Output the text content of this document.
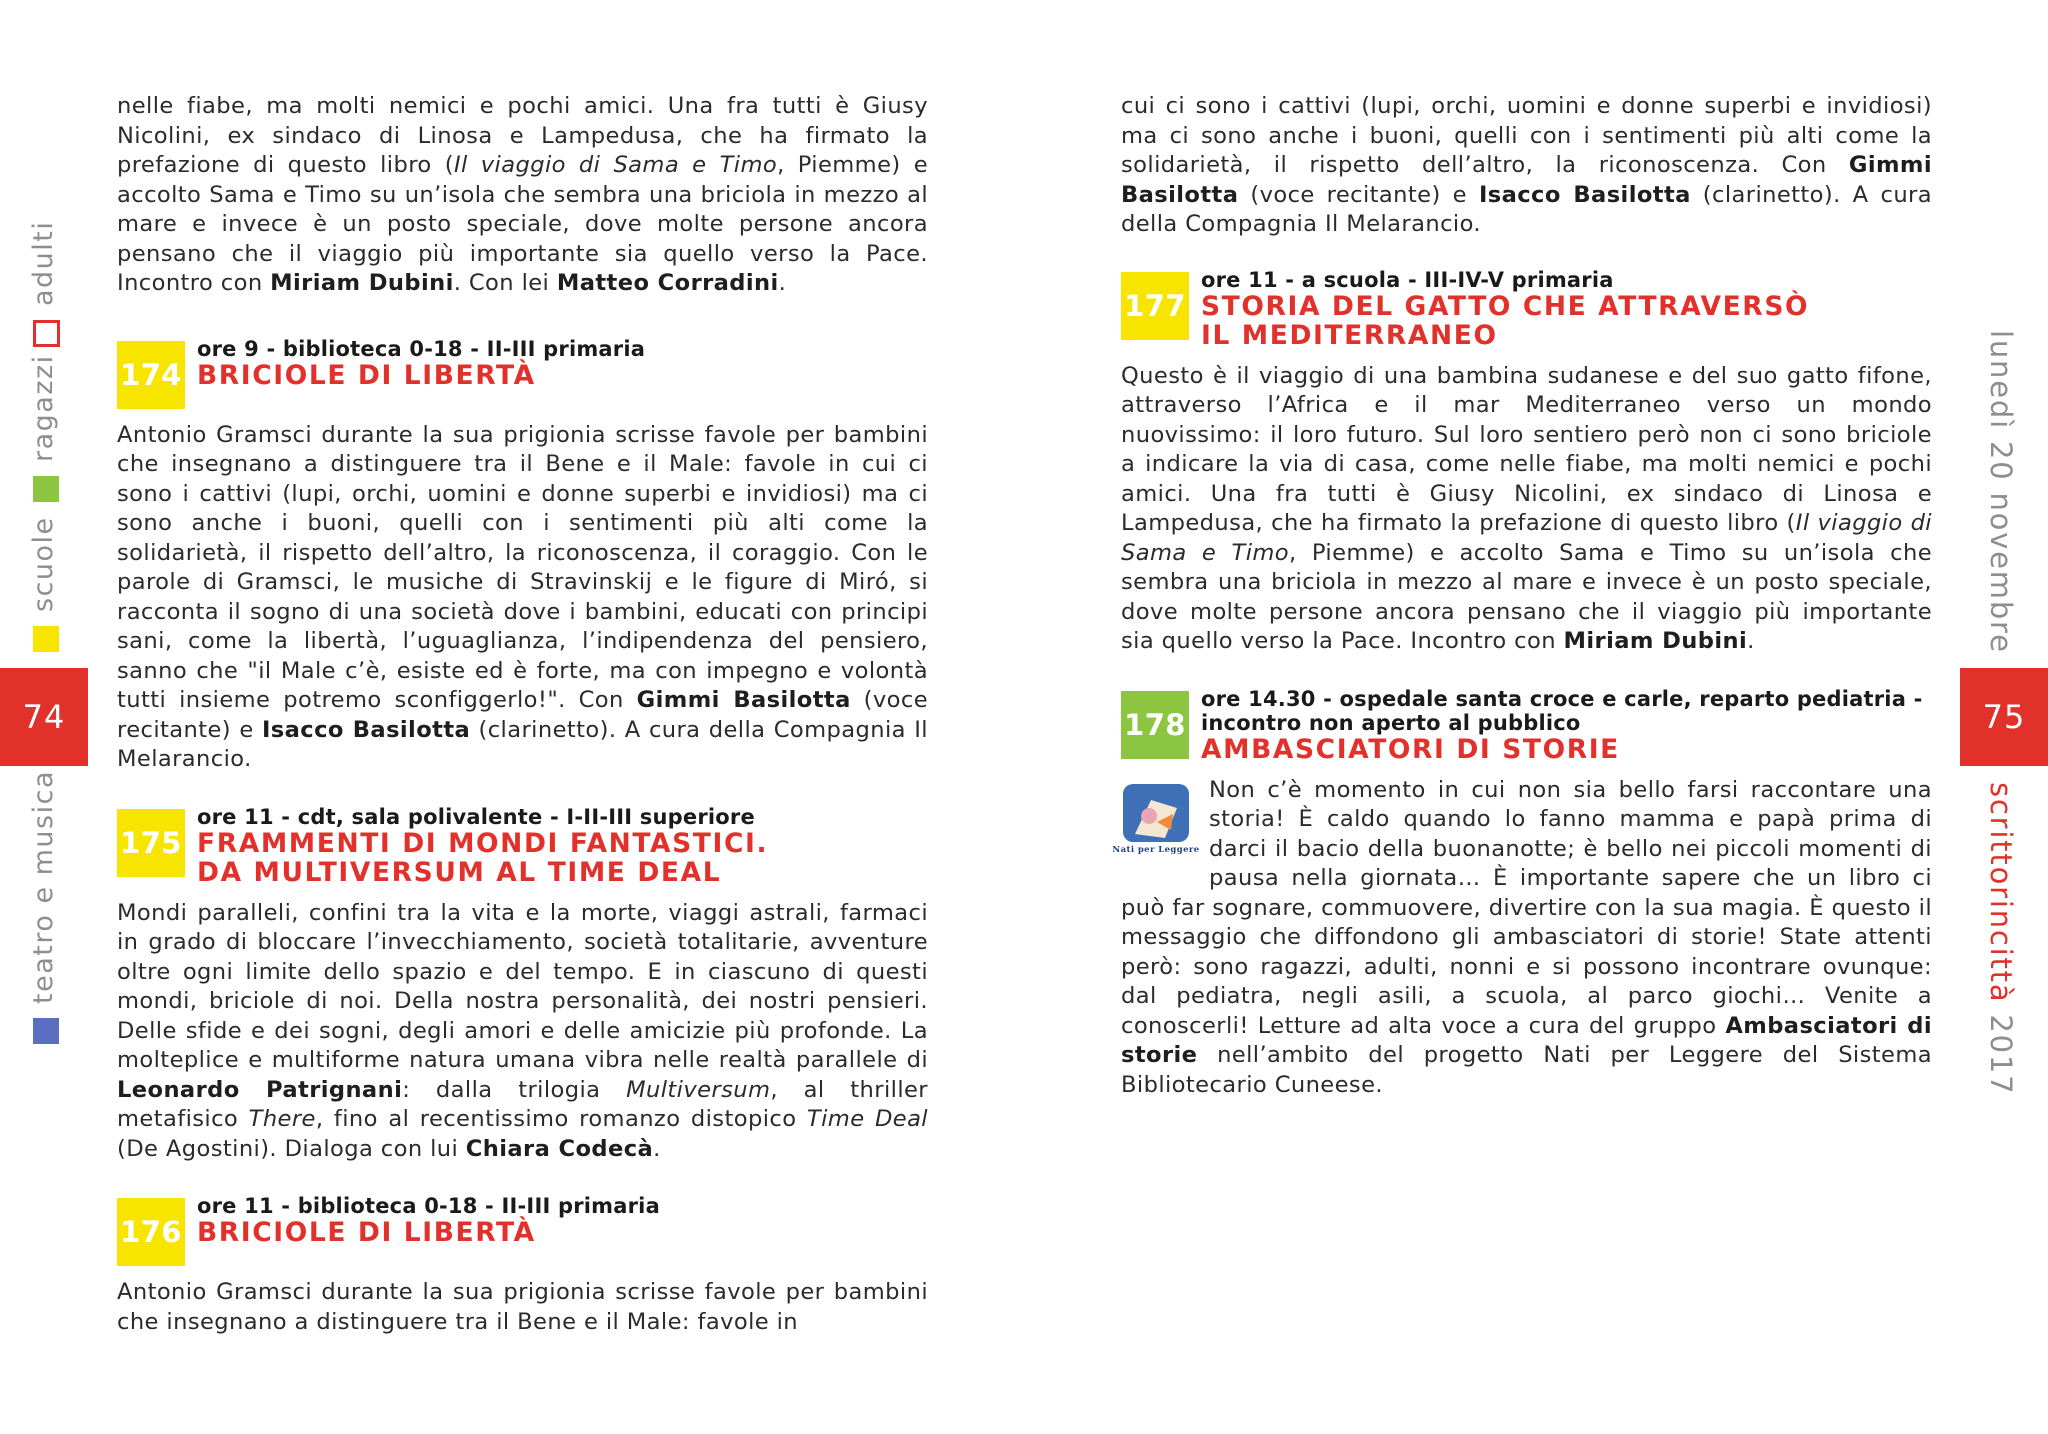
adulti
ragazzi
scuole
teatro e musica
74

nelle fiabe, ma molti nemici e pochi amici. Una fra tutti è Giusy Nicolini, ex sindaco di Linosa e Lampedusa, che ha firmato la prefazione di questo libro (Il viaggio di Sama e Timo, Piemme) e accolto Sama e Timo su un’isola che sembra una briciola in mezzo al mare e invece è un posto speciale, dove molte persone ancora pensano che il viaggio più importante sia quello verso la Pace. Incontro con Miriam Dubini. Con lei Matteo Corradini.

174
ore 9 - biblioteca 0-18 - II-III primaria
BRICIOLE DI LIBERTÀ

Antonio Gramsci durante la sua prigionia scrisse favole per bambini che insegnano a distinguere tra il Bene e il Male: favole in cui ci sono i cattivi (lupi, orchi, uomini e donne superbi e invidiosi) ma ci sono anche i buoni, quelli con i sentimenti più alti come la solidarietà, il rispetto dell’altro, la riconoscenza, il coraggio. Con le parole di Gramsci, le musiche di Stravinskij e le figure di Miró, si racconta il sogno di una società dove i bambini, educati con principi sani, come la libertà, l’uguaglianza, l’indipendenza del pensiero, sanno che "il Male c’è, esiste ed è forte, ma con impegno e volontà tutti insieme potremo sconfiggerlo!". Con Gimmi Basilotta (voce recitante) e Isacco Basilotta (clarinetto). A cura della Compagnia Il Melarancio.

175
ore 11 - cdt, sala polivalente - I-II-III superiore
FRAMMENTI DI MONDI FANTASTICI.
DA MULTIVERSUM AL TIME DEAL

Mondi paralleli, confini tra la vita e la morte, viaggi astrali, farmaci in grado di bloccare l’invecchiamento, società totalitarie, avventure oltre ogni limite dello spazio e del tempo. E in ciascuno di questi mondi, briciole di noi. Della nostra personalità, dei nostri pensieri. Delle sfide e dei sogni, degli amori e delle amicizie più profonde. La molteplice e multiforme natura umana vibra nelle realtà parallele di Leonardo Patrignani: dalla trilogia Multiversum, al thriller metafisico There, fino al recentissimo romanzo distopico Time Deal (De Agostini). Dialoga con lui Chiara Codecà.

176
ore 11 - biblioteca 0-18 - II-III primaria
BRICIOLE DI LIBERTÀ

Antonio Gramsci durante la sua prigionia scrisse favole per bambini che insegnano a distinguere tra il Bene e il Male: favole in

cui ci sono i cattivi (lupi, orchi, uomini e donne superbi e invidiosi) ma ci sono anche i buoni, quelli con i sentimenti più alti come la solidarietà, il rispetto dell’altro, la riconoscenza. Con Gimmi Basilotta (voce recitante) e Isacco Basilotta (clarinetto). A cura della Compagnia Il Melarancio.

177
ore 11 - a scuola - III-IV-V primaria
STORIA DEL GATTO CHE ATTRAVERSÒ
IL MEDITERRANEO

Questo è il viaggio di una bambina sudanese e del suo gatto fifone, attraverso l’Africa e il mar Mediterraneo verso un mondo nuovissimo: il loro futuro. Sul loro sentiero però non ci sono briciole a indicare la via di casa, come nelle fiabe, ma molti nemici e pochi amici. Una fra tutti è Giusy Nicolini, ex sindaco di Linosa e Lampedusa, che ha firmato la prefazione di questo libro (Il viaggio di Sama e Timo, Piemme) e accolto Sama e Timo su un’isola che sembra una briciola in mezzo al mare e invece è un posto speciale, dove molte persone ancora pensano che il viaggio più importante sia quello verso la Pace. Incontro con Miriam Dubini.

178
ore 14.30 - ospedale santa croce e carle, reparto pediatria -
incontro non aperto al pubblico
AMBASCIATORI DI STORIE
Nati per Leggere
Non c’è momento in cui non sia bello farsi raccontare una storia! È caldo quando lo fanno mamma e papà prima di darci il bacio della buonanotte; è bello nei piccoli momenti di pausa nella giornata… È importante sapere che un libro ci può far sognare, commuovere, divertire con la sua magia. È questo il messaggio che diffondono gli ambasciatori di storie! State attenti però: sono ragazzi, adulti, nonni e si possono incontrare ovunque: dal pediatra, negli asili, a scuola, al parco giochi… Venite a conoscerli! Letture ad alta voce a cura del gruppo Ambasciatori di storie nell’ambito del progetto Nati per Leggere del Sistema Bibliotecario Cuneese.
lunedì 20 novembre
scrittorincittà 2017
75
